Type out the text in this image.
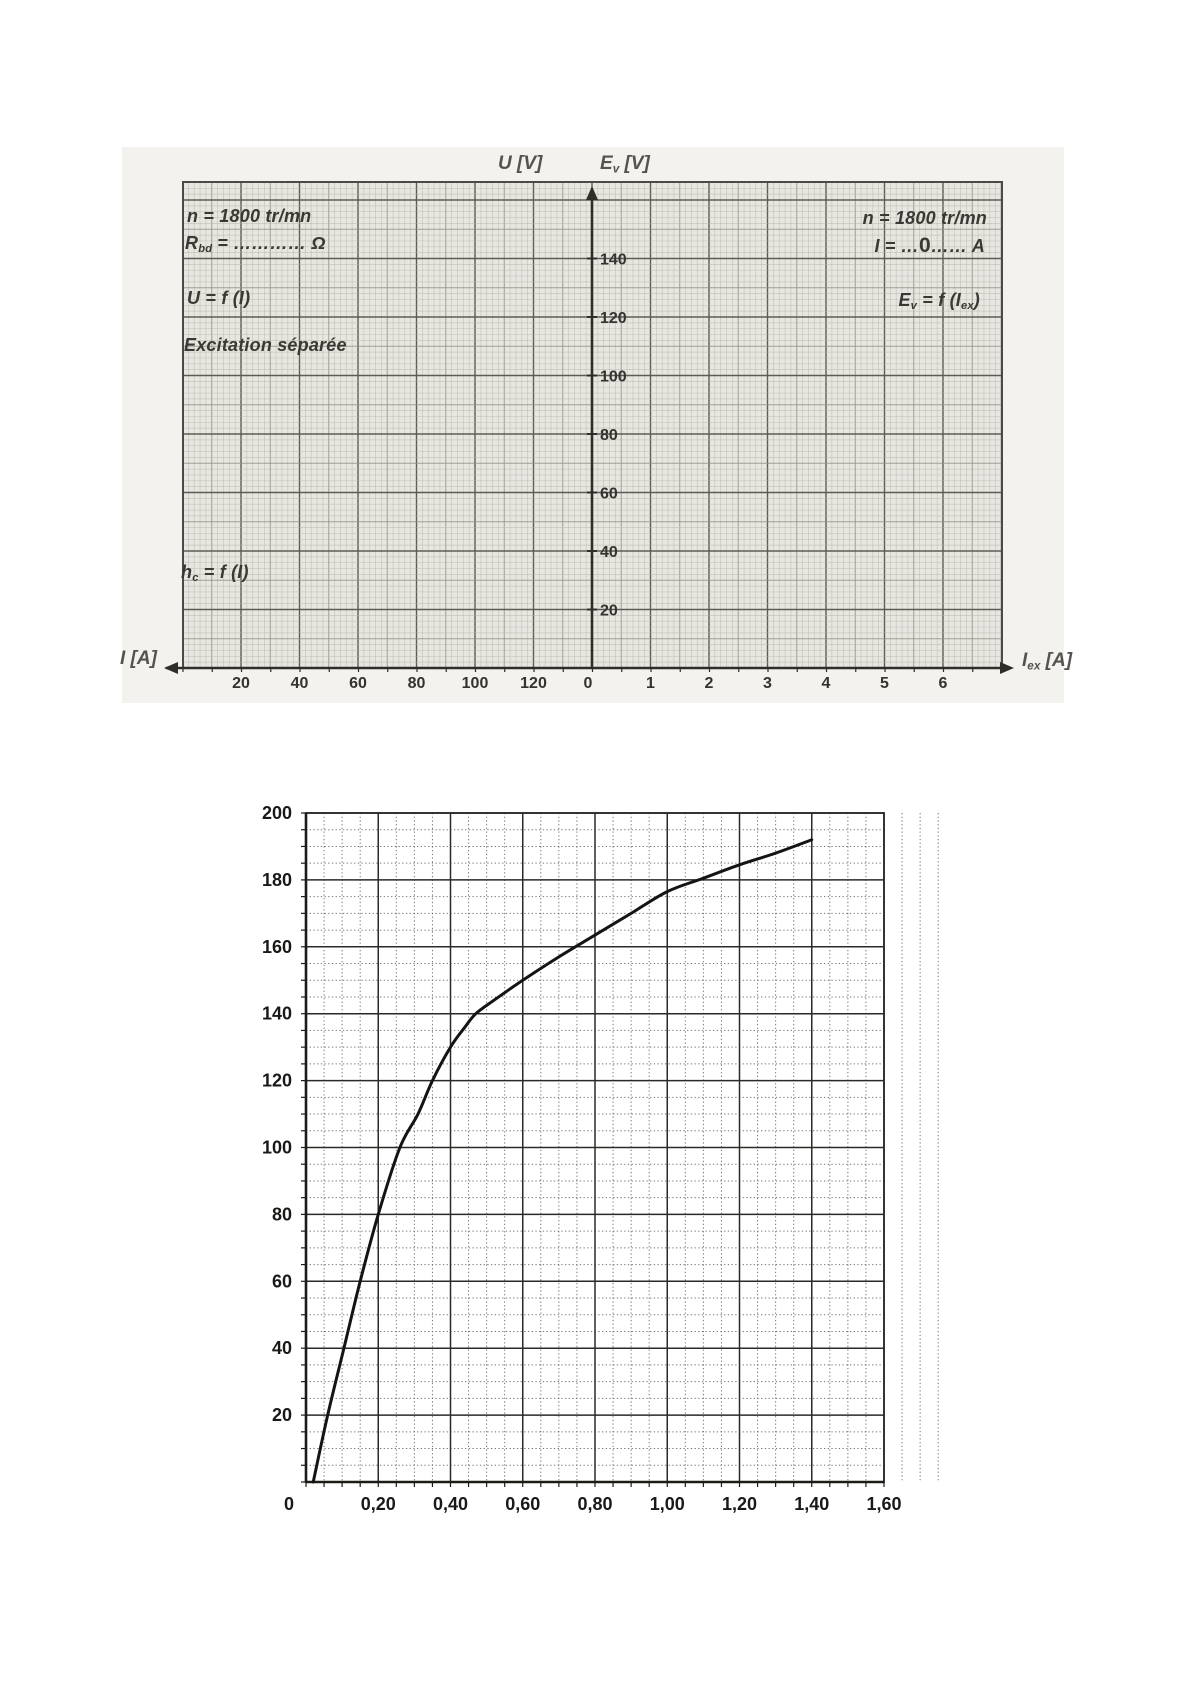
120
100
80
60
40
20	0	1	2	3	4	5	6
20
40
60
80
100
120
140
20
40
60
80
100
120
140
160
180
200
0	0,20 0,40 0,60 0,80 1,00 1,20 1,40 1,60
U [V]	$E_v$ [V]
I [A]	$I_{ex}$ [A]
n = 1800 tr/mn
$R_{bd}$ = ………… Ω
U = f (I)
Excitation séparée
$h_c = f$ (I)
n = 1800 tr/mn
I = …0…… A
$E_v = f$ $(I_{ex})$
